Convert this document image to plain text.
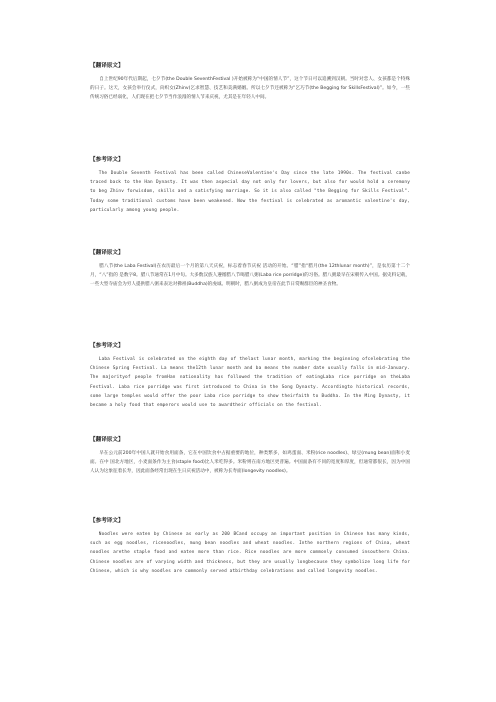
【翻译原文】
自上世纪90年代后期起，七夕节(the Double SeventhFestival )开始被称为“中国的情人节”，这个节日可以追溯到汉朝。当时对恋人、女孩都是个特殊的日子。这天，女孩会举行仪式，向织女(Zhinv)乞求智慧、技艺和美满婚姻。所以七夕节还被称为“乞巧节(the Begging for SkillsFestival)”。如今，一些传统习俗已经弱化，人们现在把七夕节当作浪漫的情人节来庆祝，尤其是在年轻人中间。
【参考译文】
The Double Seventh Festival has been called ChineseValentine's Day since the late 1990s. The festival canbe traced back to the Han Dynasty. It was then aspecial day not only for lovers, but also for would hold a ceremony to beg Zhinv forwisdom, skills and a satisfying marriage. So it is also called "the Begging for Skills Festival". Today some traditional customs have been weakened. Now the festival is celebrated as aromantic valentine's day, particularly among young people.
【翻译原文】
腊八节(the Laba Festival)在农历最后一个月的第八天庆祝，标志着春节庆祝 活动的开始。“腊”指“腊月(the 12thlunar month)”，是农历第十二个月，“八”指的 是数字8。腊八节通常在1月中旬。大多数汉族人遵循腊八节喝腊八粥(Laba rice porridge)的习俗。腊八粥最早在宋朝传入中国。据史料记载，一些大型寺庙会为穷人提供腊八粥来表达对佛祖(Buddha)的虔诚。明朝时，腊八粥成为皇帝在此节日赏赐群臣的神圣食物。
【参考译文】
Laba Festival is celebrated on the eighth day of thelast lunar month, marking the beginning ofcelebrating the Chinese Spring Festival. La means the12th lunar month and ba means the number date usually falls in mid-January. The majorityof people fromHan nationality has followed the tradition of eatingLaba rice porridge on theLaba Festival. Laba rice porridge was first introduced to China in the Song Dynasty. Accordingto historical records, some large temples would offer the poor Laba rice porridge to show theirfaith to Buddha. In the Ming Dynasty, it became a holy food that emperors would use to awardtheir officials on the festival.
【翻译原文】
早在公元前200年中国人就开始食用面条，它在中国饮食中占据重要的地位，种类繁多，如鸡蛋面、米粉(rice noodles)、绿豆(mung bean)面和小麦面。在中 国北方地区，小麦面条作为主食(staple food)比人米吃得多。米粉则在南方地区更普遍。中国面条有不同的宽度和厚度，但通常都很长，因为中国人认为这象征着长寿，因此面条经常出现在生日庆祝活动中，被称为长寿面(longevity noodles)。
【参考译文】
Noodles were eaten by Chinese as early as 200 BCand occupy an important position in Chinese has many kinds, such as egg noodles, ricenoodles, mung bean noodles and wheat noodles. Inthe northern regions of China, wheat noodles arethe staple food and eaten more than rice. Rice noodles are more commonly consumed insouthern China. Chinese noodles are of varying width and thickness, but they are usually longbecause they symbolize long life for Chinese, which is why noodles are commonly served atbirthday celebrations and called longevity noodles.
